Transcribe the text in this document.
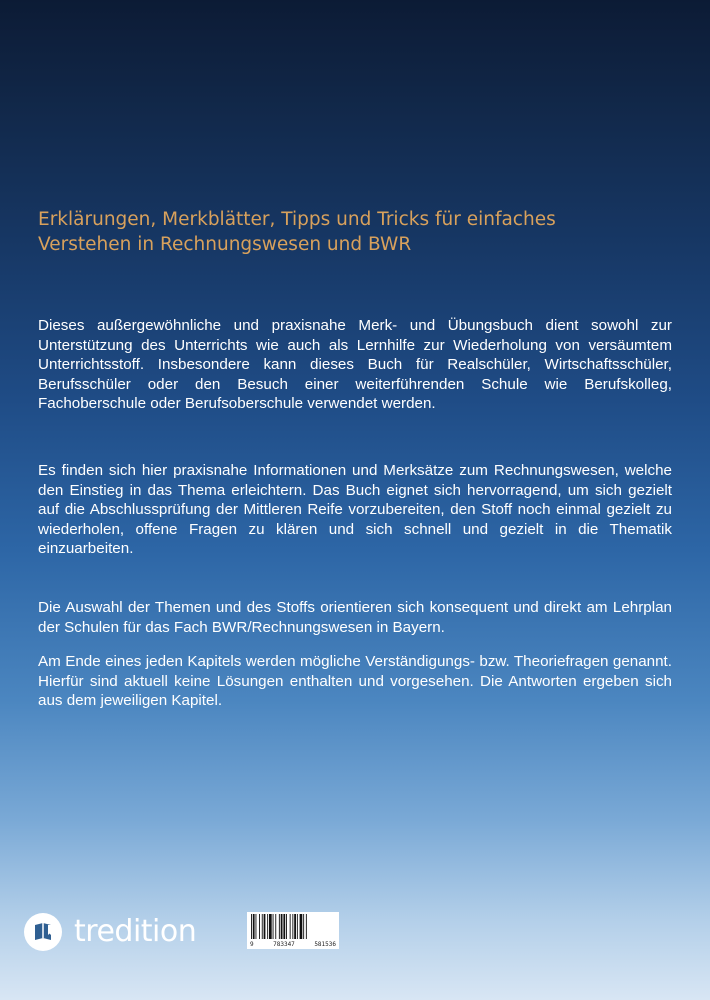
Erklärungen, Merkblätter, Tipps und Tricks für einfaches
Verstehen in Rechnungswesen und BWR

Dieses außergewöhnliche und praxisnahe Merk- und Übungsbuch dient sowohl zur Unterstützung des Unterrichts wie auch als Lernhilfe zur Wiederholung von versäumtem Unterrichtsstoff. Insbesondere kann dieses Buch für Realschüler, Wirtschaftsschüler, Berufsschüler oder den Besuch einer weiterführenden Schule wie Berufskolleg, Fachoberschule oder Berufsoberschule verwendet werden.

Es finden sich hier praxisnahe Informationen und Merksätze zum Rechnungswesen, welche den Einstieg in das Thema erleichtern. Das Buch eignet sich hervorragend, um sich gezielt auf die Abschlussprüfung der Mittleren Reife vorzubereiten, den Stoff noch einmal gezielt zu wiederholen, offene Fragen zu klären und sich schnell und gezielt in die Thematik einzuarbeiten.

Die Auswahl der Themen und des Stoffs orientieren sich konsequent und direkt am Lehrplan der Schulen für das Fach BWR/Rechnungswesen in Bayern.

Am Ende eines jeden Kapitels werden mögliche Verständigungs- bzw. Theoriefragen genannt. Hierfür sind aktuell keine Lösungen enthalten und vorgesehen. Die Antworten ergeben sich aus dem jeweiligen Kapitel.

tredition	9	783347	581536
